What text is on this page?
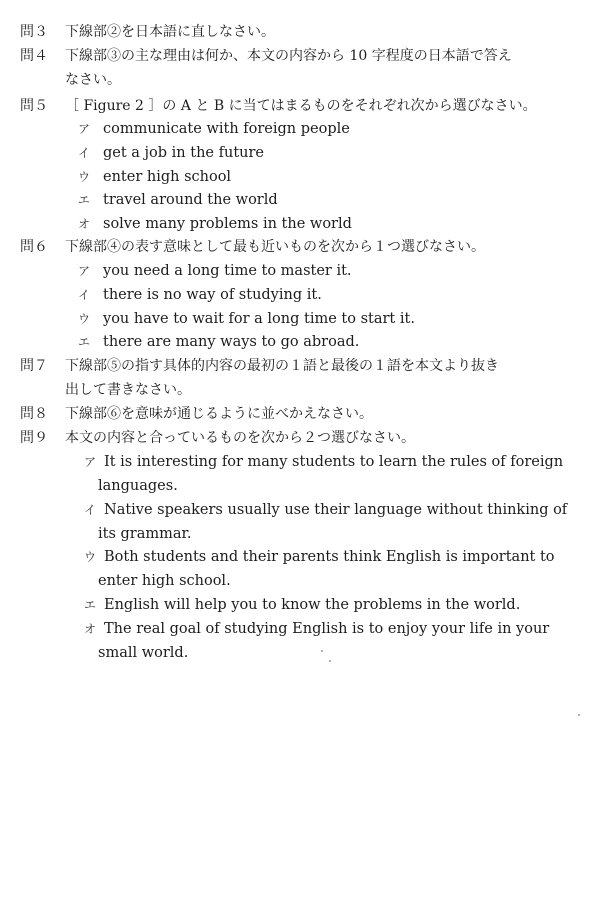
問３ 下線部②を日本語に直しなさい。
問４ 下線部③の主な理由は何か、本文の内容から 10 字程度の日本語で答え
なさい。
問５ ［ Figure 2 ］の A と B に当てはまるものをそれぞれ次から選びなさい。
ア communicate with foreign people
イ get a job in the future
ウ enter high school
エ travel around the world
オ solve many problems in the world
問６ 下線部④の表す意味として最も近いものを次から１つ選びなさい。
ア you need a long time to master it.
イ there is no way of studying it.
ウ you have to wait for a long time to start it.
エ there are many ways to go abroad.
問７ 下線部⑤の指す具体的内容の最初の１語と最後の１語を本文より抜き
出して書きなさい。
問８ 下線部⑥を意味が通じるように並べかえなさい。
問９ 本文の内容と合っているものを次から２つ選びなさい。
ア It is interesting for many students to learn the rules of foreign
languages.
イ Native speakers usually use their language without thinking of
its grammar.
ウ Both students and their parents think English is important to
enter high school.
エ English will help you to know the problems in the world.
オ The real goal of studying English is to enjoy your life in your
small world.
